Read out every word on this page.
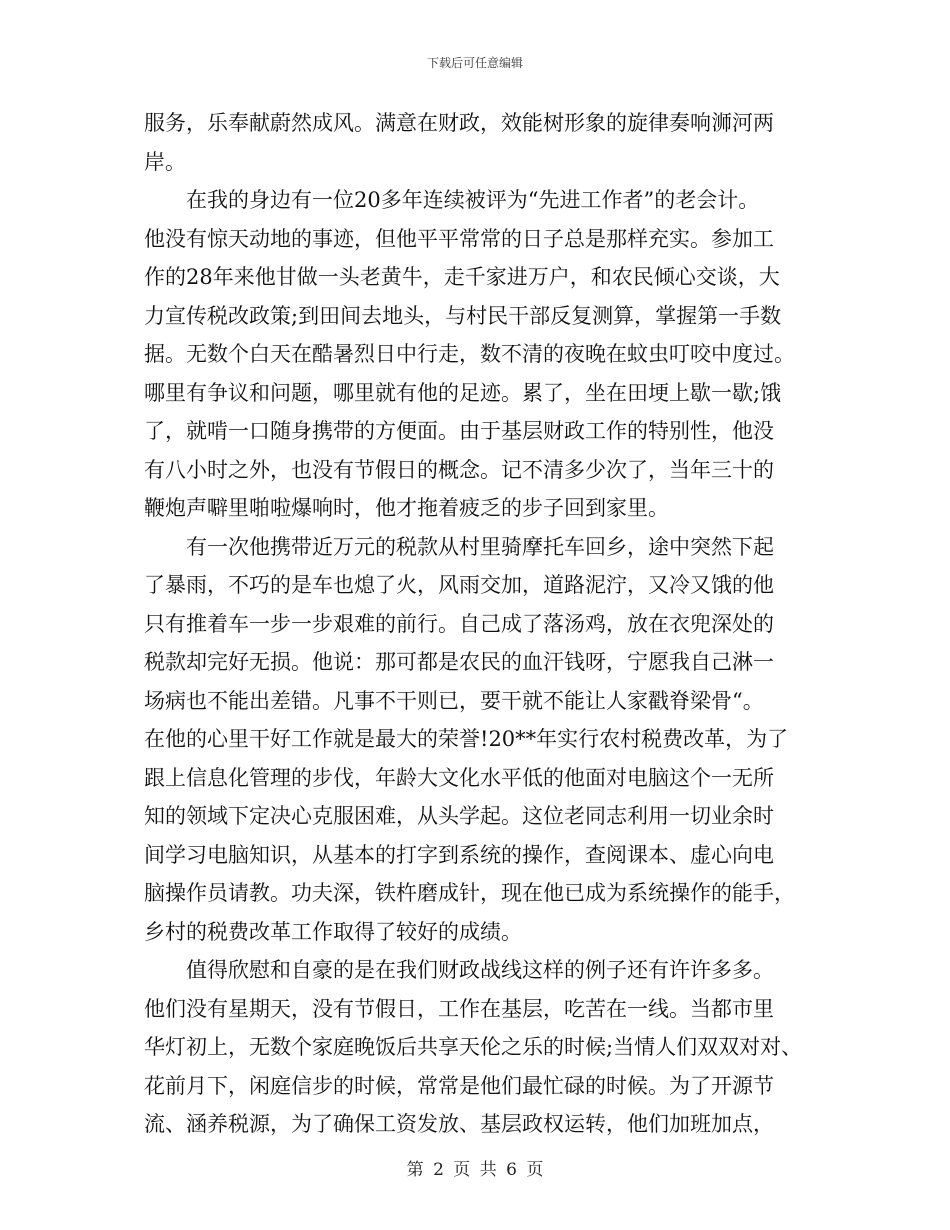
下载后可任意编辑
服务，乐奉献蔚然成风。满意在财政，效能树形象的旋律奏响浉河两
岸。
在我的身边有一位20多年连续被评为“先进工作者”的老会计。
他没有惊天动地的事迹，但他平平常常的日子总是那样充实。参加工
作的28年来他甘做一头老黄牛，走千家进万户，和农民倾心交谈，大
力宣传税改政策;到田间去地头，与村民干部反复测算，掌握第一手数
据。无数个白天在酷暑烈日中行走，数不清的夜晚在蚊虫叮咬中度过。
哪里有争议和问题，哪里就有他的足迹。累了，坐在田埂上歇一歇;饿
了，就啃一口随身携带的方便面。由于基层财政工作的特别性，他没
有八小时之外，也没有节假日的概念。记不清多少次了，当年三十的
鞭炮声噼里啪啦爆响时，他才拖着疲乏的步子回到家里。
有一次他携带近万元的税款从村里骑摩托车回乡，途中突然下起
了暴雨，不巧的是车也熄了火，风雨交加，道路泥泞，又冷又饿的他
只有推着车一步一步艰难的前行。自己成了落汤鸡，放在衣兜深处的
税款却完好无损。他说：那可都是农民的血汗钱呀，宁愿我自己淋一
场病也不能出差错。凡事不干则已，要干就不能让人家戳脊梁骨“。
在他的心里干好工作就是最大的荣誉!20**年实行农村税费改革，为了
跟上信息化管理的步伐，年龄大文化水平低的他面对电脑这个一无所
知的领域下定决心克服困难，从头学起。这位老同志利用一切业余时
间学习电脑知识，从基本的打字到系统的操作，查阅课本、虚心向电
脑操作员请教。功夫深，铁杵磨成针，现在他已成为系统操作的能手，
乡村的税费改革工作取得了较好的成绩。
值得欣慰和自豪的是在我们财政战线这样的例子还有许许多多。
他们没有星期天，没有节假日，工作在基层，吃苦在一线。当都市里
华灯初上，无数个家庭晚饭后共享天伦之乐的时候;当情人们双双对对、
花前月下，闲庭信步的时候，常常是他们最忙碌的时候。为了开源节
流、涵养税源，为了确保工资发放、基层政权运转，他们加班加点，
第 2 页 共 6 页
